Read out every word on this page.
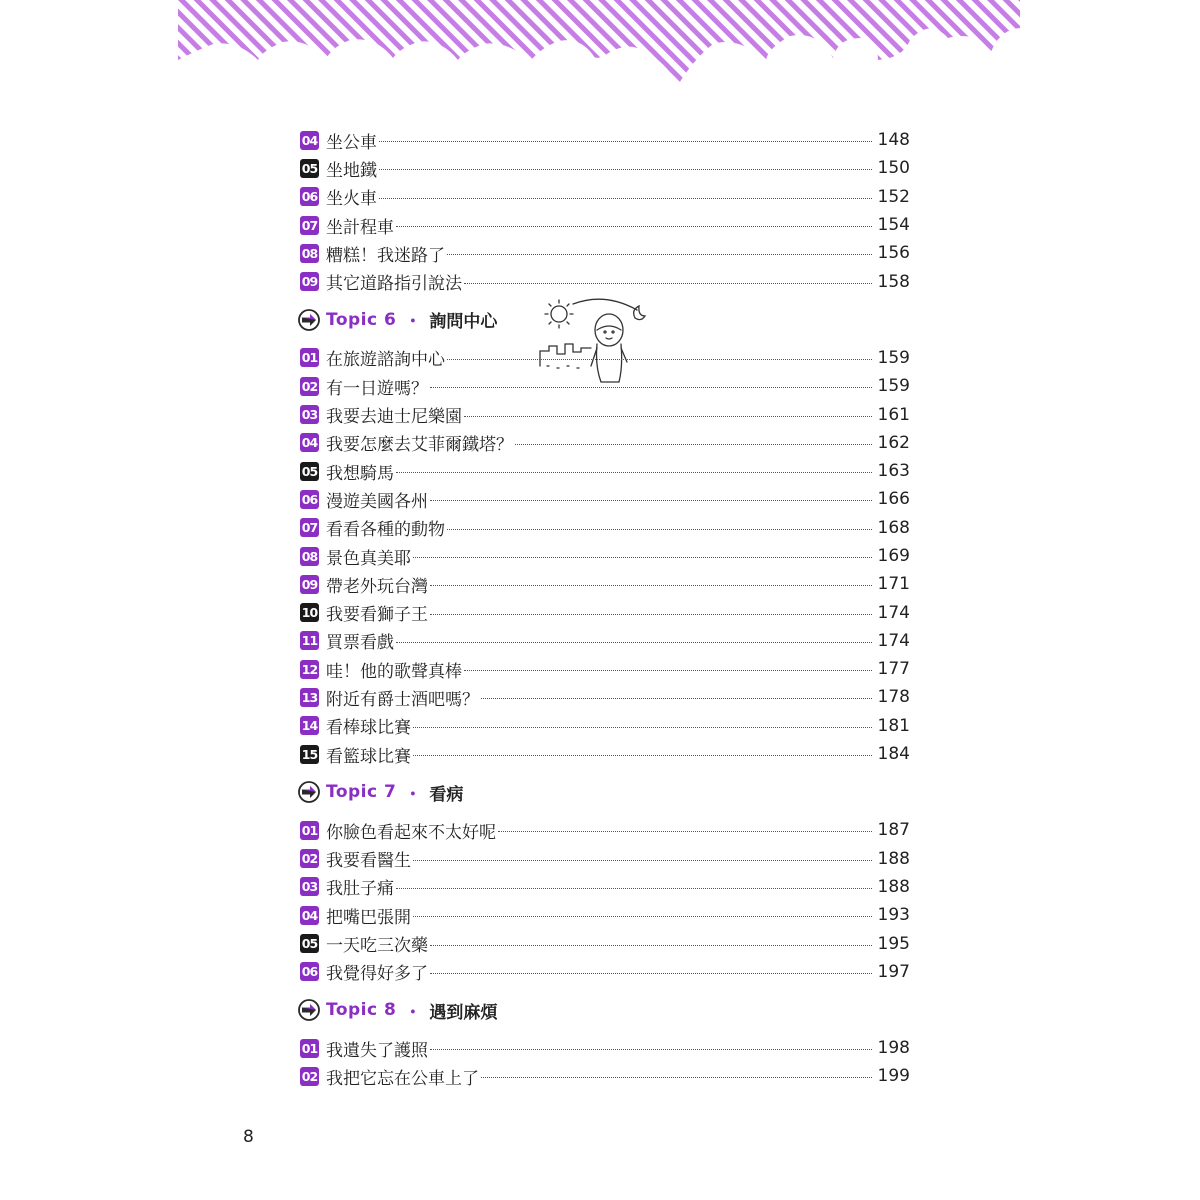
04 坐公車	148
05 坐地鐵	150
06 坐火車	152
07 坐計程車	154
08 糟糕！我迷路了	156
09 其它道路指引說法	158
Topic 6 ・ 詢問中心
01 在旅遊諮詢中心	159
02 有一日遊嗎？	159
03 我要去迪士尼樂園	161
04 我要怎麼去艾菲爾鐵塔？	162
05 我想騎馬	163
06 漫遊美國各州	166
07 看看各種的動物	168
08 景色真美耶	169
09 帶老外玩台灣	171
10 我要看獅子王	174
11 買票看戲	174
12 哇！他的歌聲真棒	177
13 附近有爵士酒吧嗎？	178
14 看棒球比賽	181
15 看籃球比賽	184
Topic 7 ・ 看病
01 你臉色看起來不太好呢	187
02 我要看醫生	188
03 我肚子痛	188
04 把嘴巴張開	193
05 一天吃三次藥	195
06 我覺得好多了	197
Topic 8 ・ 遇到麻煩
01 我遺失了護照	198
02 我把它忘在公車上了	199
8
